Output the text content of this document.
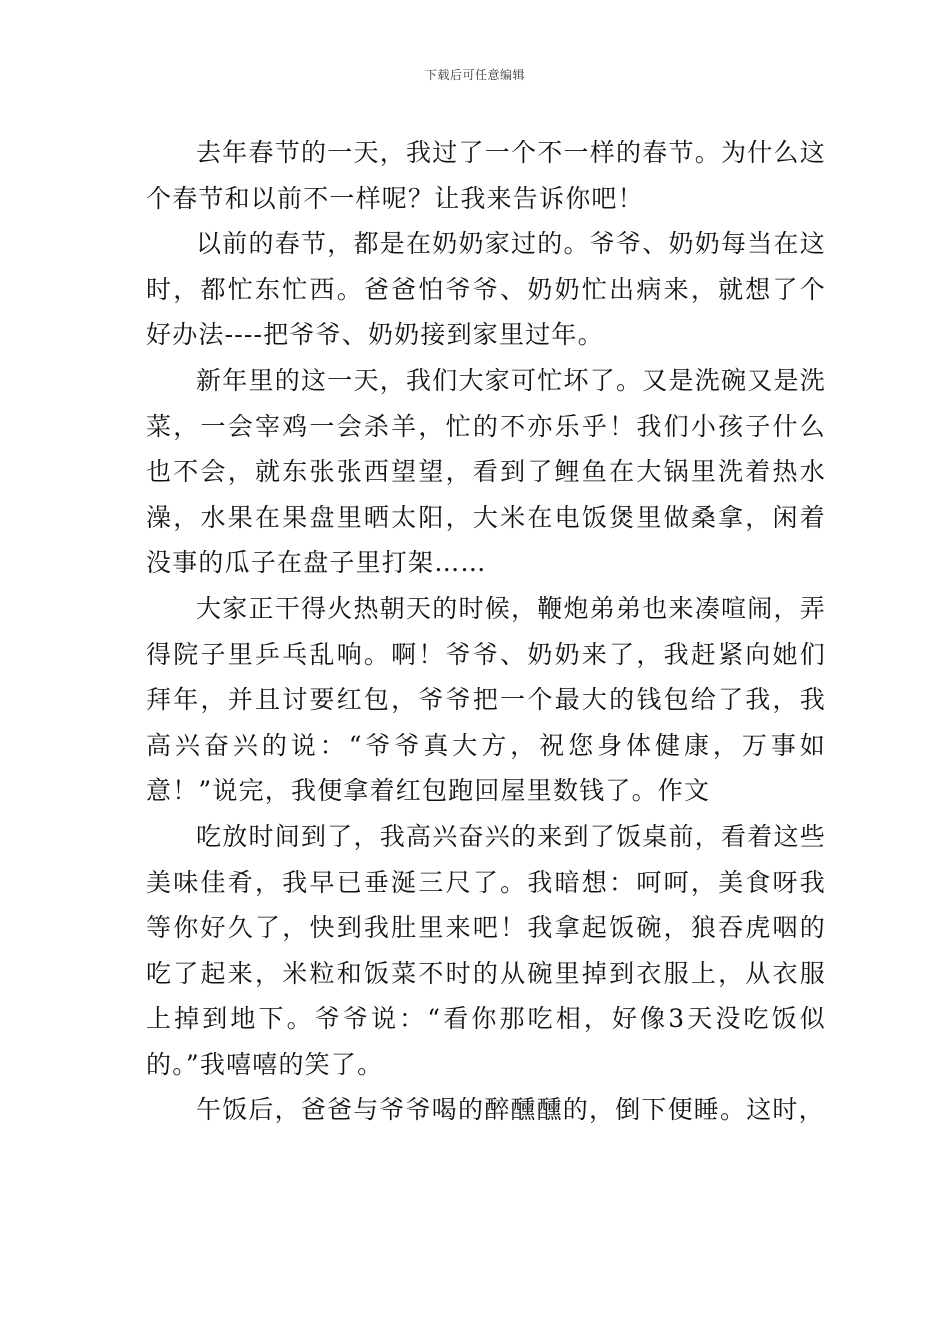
下载后可任意编辑

去年春节的一天，我过了一个不一样的春节。为什么这个春节和以前不一样呢？让我来告诉你吧！

以前的春节，都是在奶奶家过的。爷爷、奶奶每当在这时，都忙东忙西。爸爸怕爷爷、奶奶忙出病来，就想了个好办法----把爷爷、奶奶接到家里过年。

新年里的这一天，我们大家可忙坏了。又是洗碗又是洗菜，一会宰鸡一会杀羊，忙的不亦乐乎！我们小孩子什么也不会，就东张张西望望，看到了鲤鱼在大锅里洗着热水澡，水果在果盘里晒太阳，大米在电饭煲里做桑拿，闲着没事的瓜子在盘子里打架……

大家正干得火热朝天的时候，鞭炮弟弟也来凑喧闹，弄得院子里乒乓乱响。啊！爷爷、奶奶来了，我赶紧向她们拜年，并且讨要红包，爷爷把一个最大的钱包给了我，我高兴奋兴的说：“爷爷真大方，祝您身体健康，万事如意！”说完，我便拿着红包跑回屋里数钱了。作文

吃放时间到了，我高兴奋兴的来到了饭桌前，看着这些美味佳肴，我早已垂涎三尺了。我暗想：呵呵，美食呀我等你好久了，快到我肚里来吧！我拿起饭碗，狼吞虎咽的吃了起来，米粒和饭菜不时的从碗里掉到衣服上，从衣服上掉到地下。爷爷说：“看你那吃相，好像3天没吃饭似的。”我嘻嘻的笑了。

午饭后，爸爸与爷爷喝的醉醺醺的，倒下便睡。这时，
